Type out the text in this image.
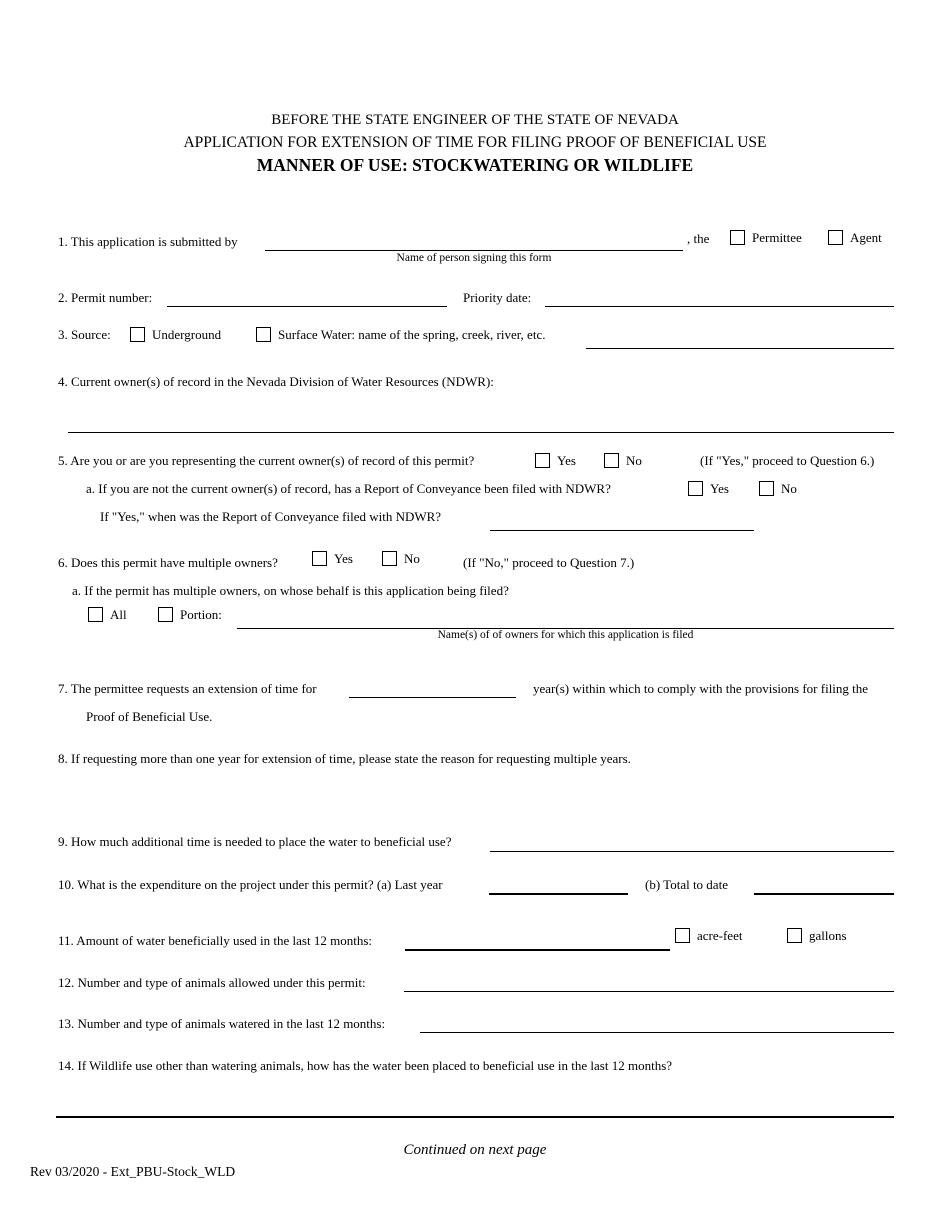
BEFORE THE STATE ENGINEER OF THE STATE OF NEVADA
APPLICATION FOR EXTENSION OF TIME FOR FILING PROOF OF BENEFICIAL USE
MANNER OF USE: STOCKWATERING OR WILDLIFE
1. This application is submitted by
Name of person signing this form
, the	Permittee	Agent
2. Permit number:	Priority date:
3. Source:	Underground	Surface Water: name of the spring, creek, river, etc.
4. Current owner(s) of record in the Nevada Division of Water Resources (NDWR):
5. Are you or are you representing the current owner(s) of record of this permit?	Yes	No	(If "Yes," proceed to Question 6.)
a. If you are not the current owner(s) of record, has a Report of Conveyance been filed with NDWR?	Yes	No
If "Yes," when was the Report of Conveyance filed with NDWR?
6. Does this permit have multiple owners?	Yes	No	(If "No," proceed to Question 7.)
a. If the permit has multiple owners, on whose behalf is this application being filed?
All	Portion:
Name(s) of of owners for which this application is filed
7. The permittee requests an extension of time for	year(s) within which to comply with the provisions for filing the
Proof of Beneficial Use.
8. If requesting more than one year for extension of time, please state the reason for requesting multiple years.
9. How much additional time is needed to place the water to beneficial use?
10. What is the expenditure on the project under this permit? (a) Last year	(b) Total to date
11. Amount of water beneficially used in the last 12 months:	acre-feet	gallons
12. Number and type of animals allowed under this permit:
13. Number and type of animals watered in the last 12 months:
14. If Wildlife use other than watering animals, how has the water been placed to beneficial use in the last 12 months?
Continued on next page
Rev 03/2020 - Ext_PBU-Stock_WLD
